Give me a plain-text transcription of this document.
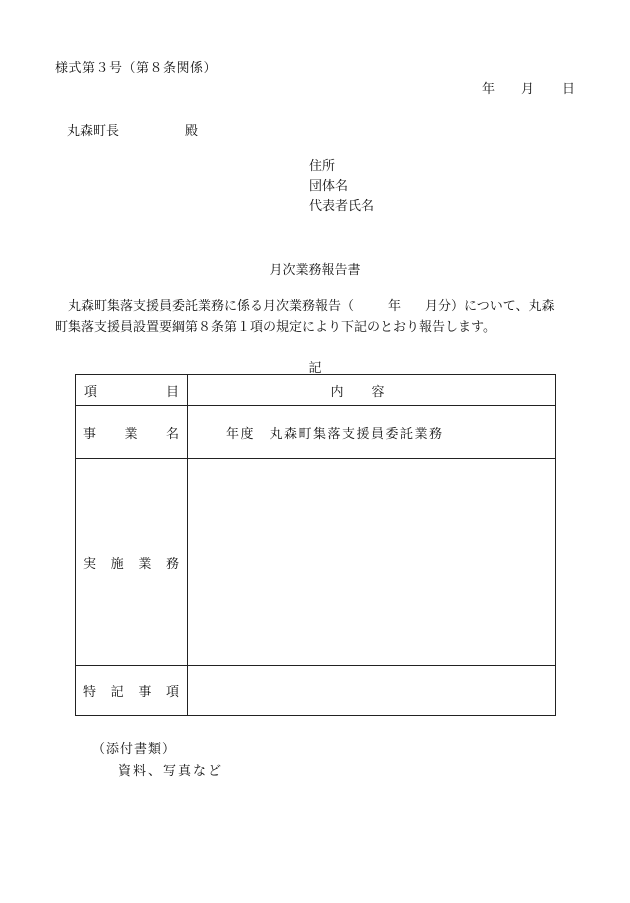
様式第３号（第８条関係）
年 月 日
丸森町長	殿
住所
団体名
代表者氏名
月次業務報告書
丸森町集落支援員委託業務に係る月次業務報告（	年 月分）について、丸森
町集落支援員設置要綱第８条第１項の規定により下記のとおり報告します。
記
項 目	内容

事 業 名	年度　丸森町集落支援員委託業務

実 施 業 務	

特 記 事 項	

（添付書類）
資料、写真など
